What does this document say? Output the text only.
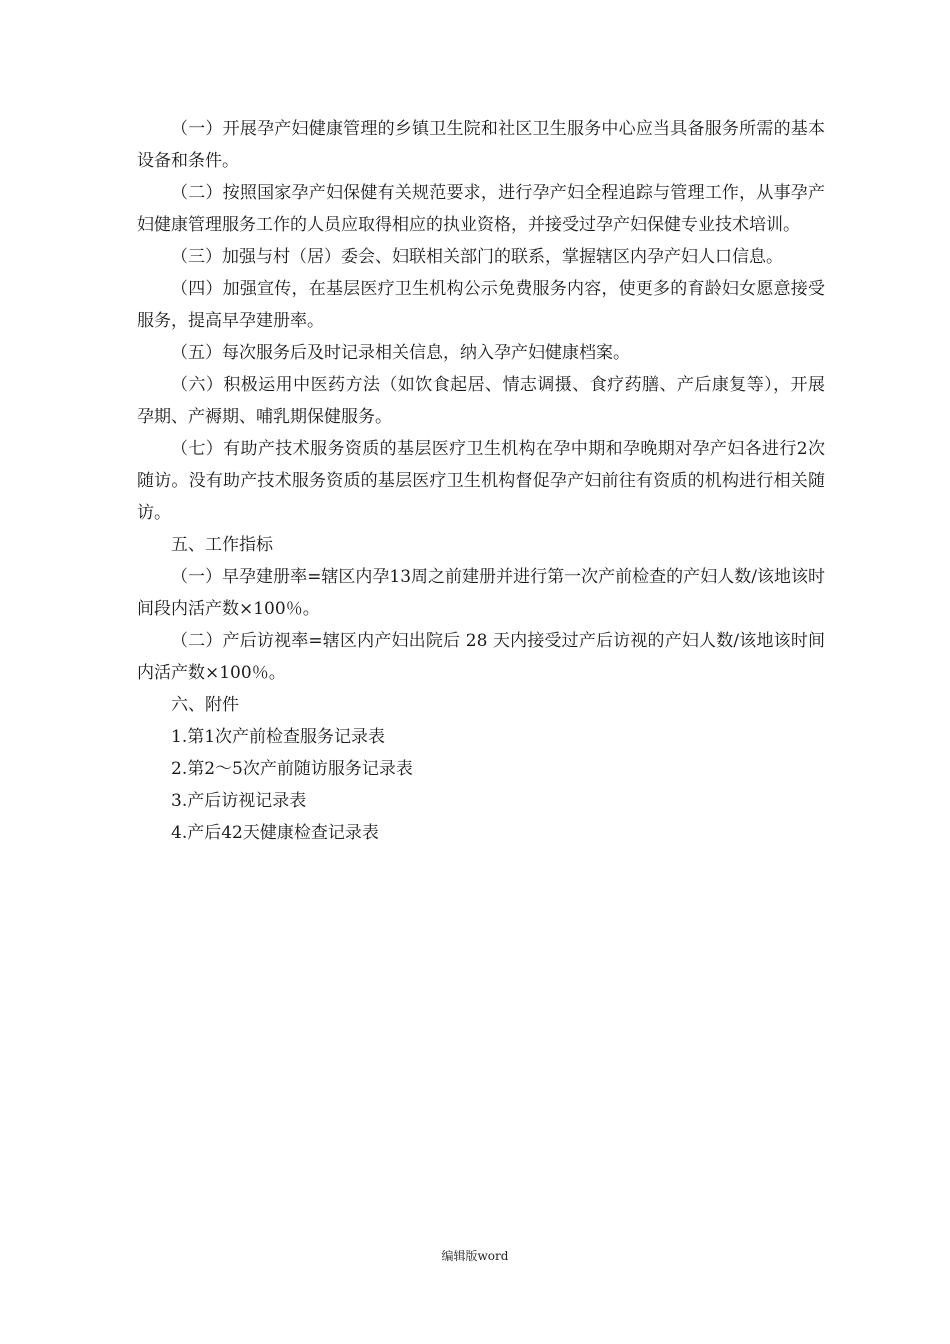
（一）开展孕产妇健康管理的乡镇卫生院和社区卫生服务中心应当具备服务所需的基本设备和条件。

（二）按照国家孕产妇保健有关规范要求，进行孕产妇全程追踪与管理工作，从事孕产妇健康管理服务工作的人员应取得相应的执业资格，并接受过孕产妇保健专业技术培训。

（三）加强与村（居）委会、妇联相关部门的联系，掌握辖区内孕产妇人口信息。

（四）加强宣传，在基层医疗卫生机构公示免费服务内容，使更多的育龄妇女愿意接受服务，提高早孕建册率。

（五）每次服务后及时记录相关信息，纳入孕产妇健康档案。

（六）积极运用中医药方法（如饮食起居、情志调摄、食疗药膳、产后康复等），开展孕期、产褥期、哺乳期保健服务。

（七）有助产技术服务资质的基层医疗卫生机构在孕中期和孕晚期对孕产妇各进行2次随访。没有助产技术服务资质的基层医疗卫生机构督促孕产妇前往有资质的机构进行相关随访。

五、工作指标

（一）早孕建册率=辖区内孕13周之前建册并进行第一次产前检查的产妇人数/该地该时间段内活产数×100％。

（二）产后访视率=辖区内产妇出院后 28 天内接受过产后访视的产妇人数/该地该时间内活产数×100％。

六、附件

1.第1次产前检查服务记录表

2.第2～5次产前随访服务记录表

3.产后访视记录表

4.产后42天健康检查记录表

编辑版word
